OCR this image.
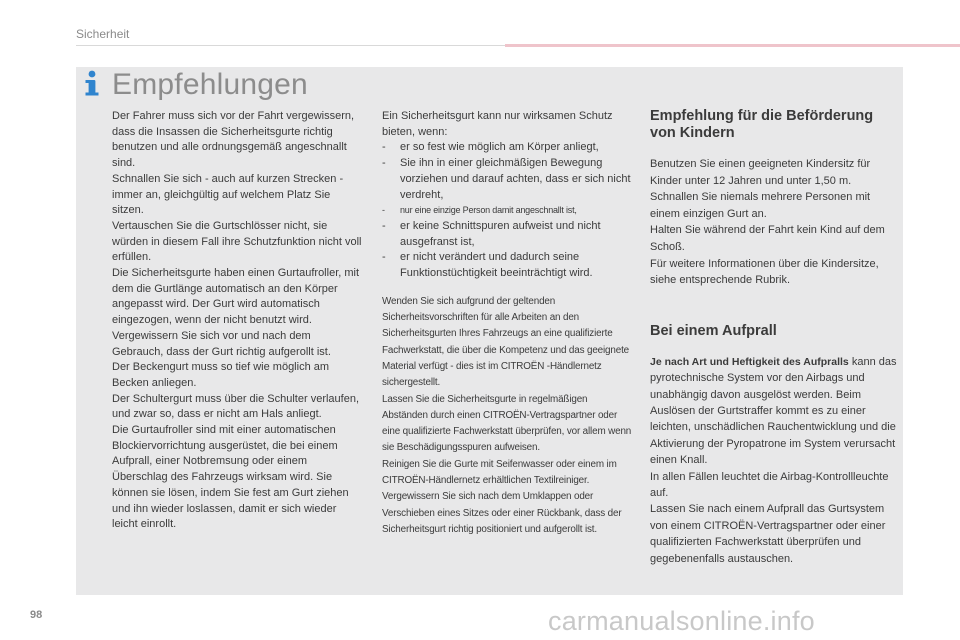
Sicherheit
Empfehlungen

Der Fahrer muss sich vor der Fahrt vergewissern, dass die Insassen die Sicherheitsgurte richtig benutzen und alle ordnungsgemäß angeschnallt sind.

Schnallen Sie sich - auch auf kurzen Strecken - immer an, gleichgültig auf welchem Platz Sie sitzen.

Vertauschen Sie die Gurtschlösser nicht, sie würden in diesem Fall ihre Schutzfunktion nicht voll erfüllen.

Die Sicherheitsgurte haben einen Gurtaufroller, mit dem die Gurtlänge automatisch an den Körper angepasst wird. Der Gurt wird automatisch eingezogen, wenn der nicht benutzt wird.

Vergewissern Sie sich vor und nach dem Gebrauch, dass der Gurt richtig aufgerollt ist.

Der Beckengurt muss so tief wie möglich am Becken anliegen.

Der Schultergurt muss über die Schulter verlaufen, und zwar so, dass er nicht am Hals anliegt.

Die Gurtaufroller sind mit einer automatischen Blockiervorrichtung ausgerüstet, die bei einem Aufprall, einer Notbremsung oder einem Überschlag des Fahrzeugs wirksam wird. Sie können sie lösen, indem Sie fest am Gurt ziehen und ihn wieder loslassen, damit er sich wieder leicht einrollt.

Ein Sicherheitsgurt kann nur wirksamen Schutz bieten, wenn:
- er so fest wie möglich am Körper anliegt,
- Sie ihn in einer gleichmäßigen Bewegung vorziehen und darauf achten, dass er sich nicht verdreht,
- nur eine einzige Person damit angeschnallt ist,
- er keine Schnittspuren aufweist und nicht ausgefranst ist,
- er nicht verändert und dadurch seine Funktionstüchtigkeit beeinträchtigt wird.

Wenden Sie sich aufgrund der geltenden Sicherheitsvorschriften für alle Arbeiten an den Sicherheitsgurten Ihres Fahrzeugs an eine qualifizierte Fachwerkstatt, die über die Kompetenz und das geeignete Material verfügt - dies ist im CITROËN -Händlernetz sichergestellt.

Lassen Sie die Sicherheitsgurte in regelmäßigen Abständen durch einen CITROËN-Vertragspartner oder eine qualifizierte Fachwerkstatt überprüfen, vor allem wenn sie Beschädigungsspuren aufweisen.

Reinigen Sie die Gurte mit Seifenwasser oder einem im CITROËN-Händlernetz erhältlichen Textilreiniger.

Vergewissern Sie sich nach dem Umklappen oder Verschieben eines Sitzes oder einer Rückbank, dass der Sicherheitsgurt richtig positioniert und aufgerollt ist.

Empfehlung für die Beförderung von Kindern

Benutzen Sie einen geeigneten Kindersitz für Kinder unter 12 Jahren und unter 1,50 m.

Schnallen Sie niemals mehrere Personen mit einem einzigen Gurt an.

Halten Sie während der Fahrt kein Kind auf dem Schoß.

Für weitere Informationen über die Kindersitze, siehe entsprechende Rubrik.

Bei einem Aufprall

Je nach Art und Heftigkeit des Aufpralls kann das pyrotechnische System vor den Airbags und unabhängig davon ausgelöst werden. Beim Auslösen der Gurtstraffer kommt es zu einer leichten, unschädlichen Rauchentwicklung und die Aktivierung der Pyropatrone im System verursacht einen Knall.

In allen Fällen leuchtet die Airbag-Kontrollleuchte auf.

Lassen Sie nach einem Aufprall das Gurtsystem von einem CITROËN-Vertragspartner oder einer qualifizierten Fachwerkstatt überprüfen und gegebenenfalls austauschen.

98	carmanualsonline.info
